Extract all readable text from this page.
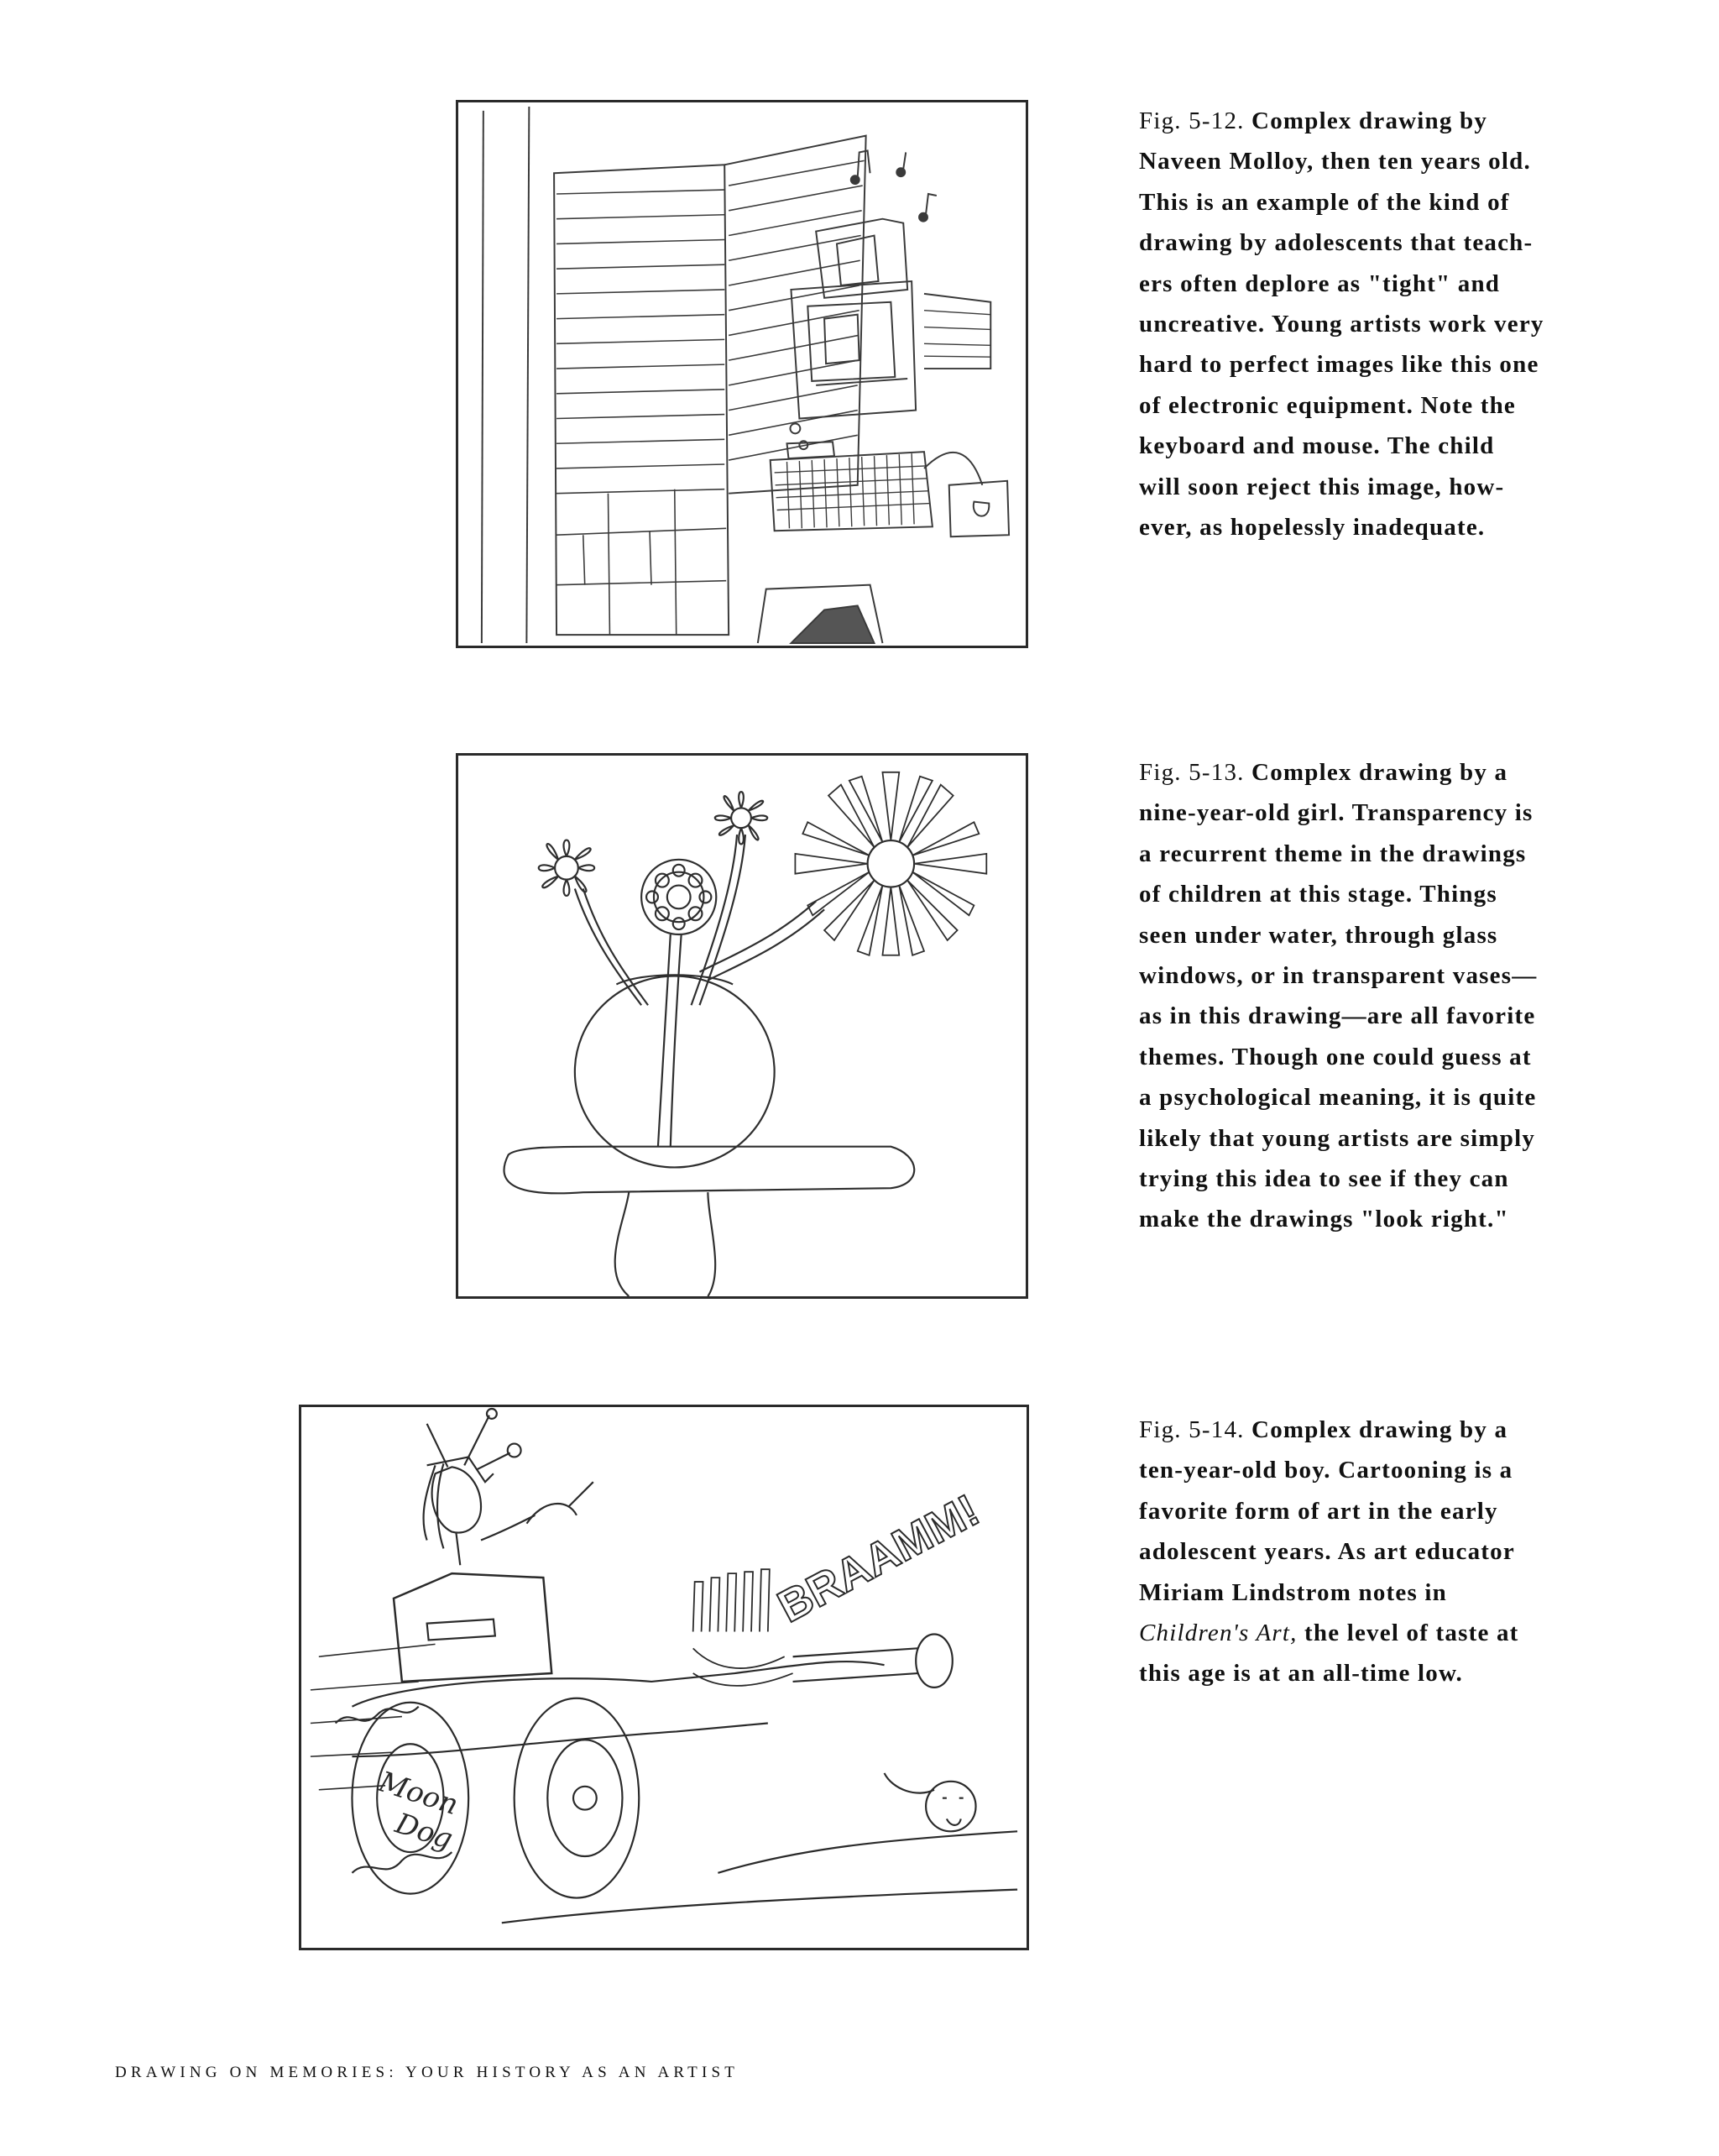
Fig. 5-12. Complex drawing by
Naveen Molloy, then ten years old.
This is an example of the kind of
drawing by adolescents that teach-
ers often deplore as "tight" and
uncreative. Young artists work very
hard to perfect images like this one
of electronic equipment. Note the
keyboard and mouse. The child
will soon reject this image, how-
ever, as hopelessly inadequate.
Fig. 5-13. Complex drawing by a
nine-year-old girl. Transparency is
a recurrent theme in the drawings
of children at this stage. Things
seen under water, through glass
windows, or in transparent vases—
as in this drawing—are all favorite
themes. Though one could guess at
a psychological meaning, it is quite
likely that young artists are simply
trying this idea to see if they can
make the drawings "look right."
BRAAMM!
Moon
Dog
Fig. 5-14. Complex drawing by a
ten-year-old boy. Cartooning is a
favorite form of art in the early
adolescent years. As art educator
Miriam Lindstrom notes in
Children's Art, the level of taste at
this age is at an all-time low.
DRAWING ON MEMORIES: YOUR HISTORY AS AN ARTIST
